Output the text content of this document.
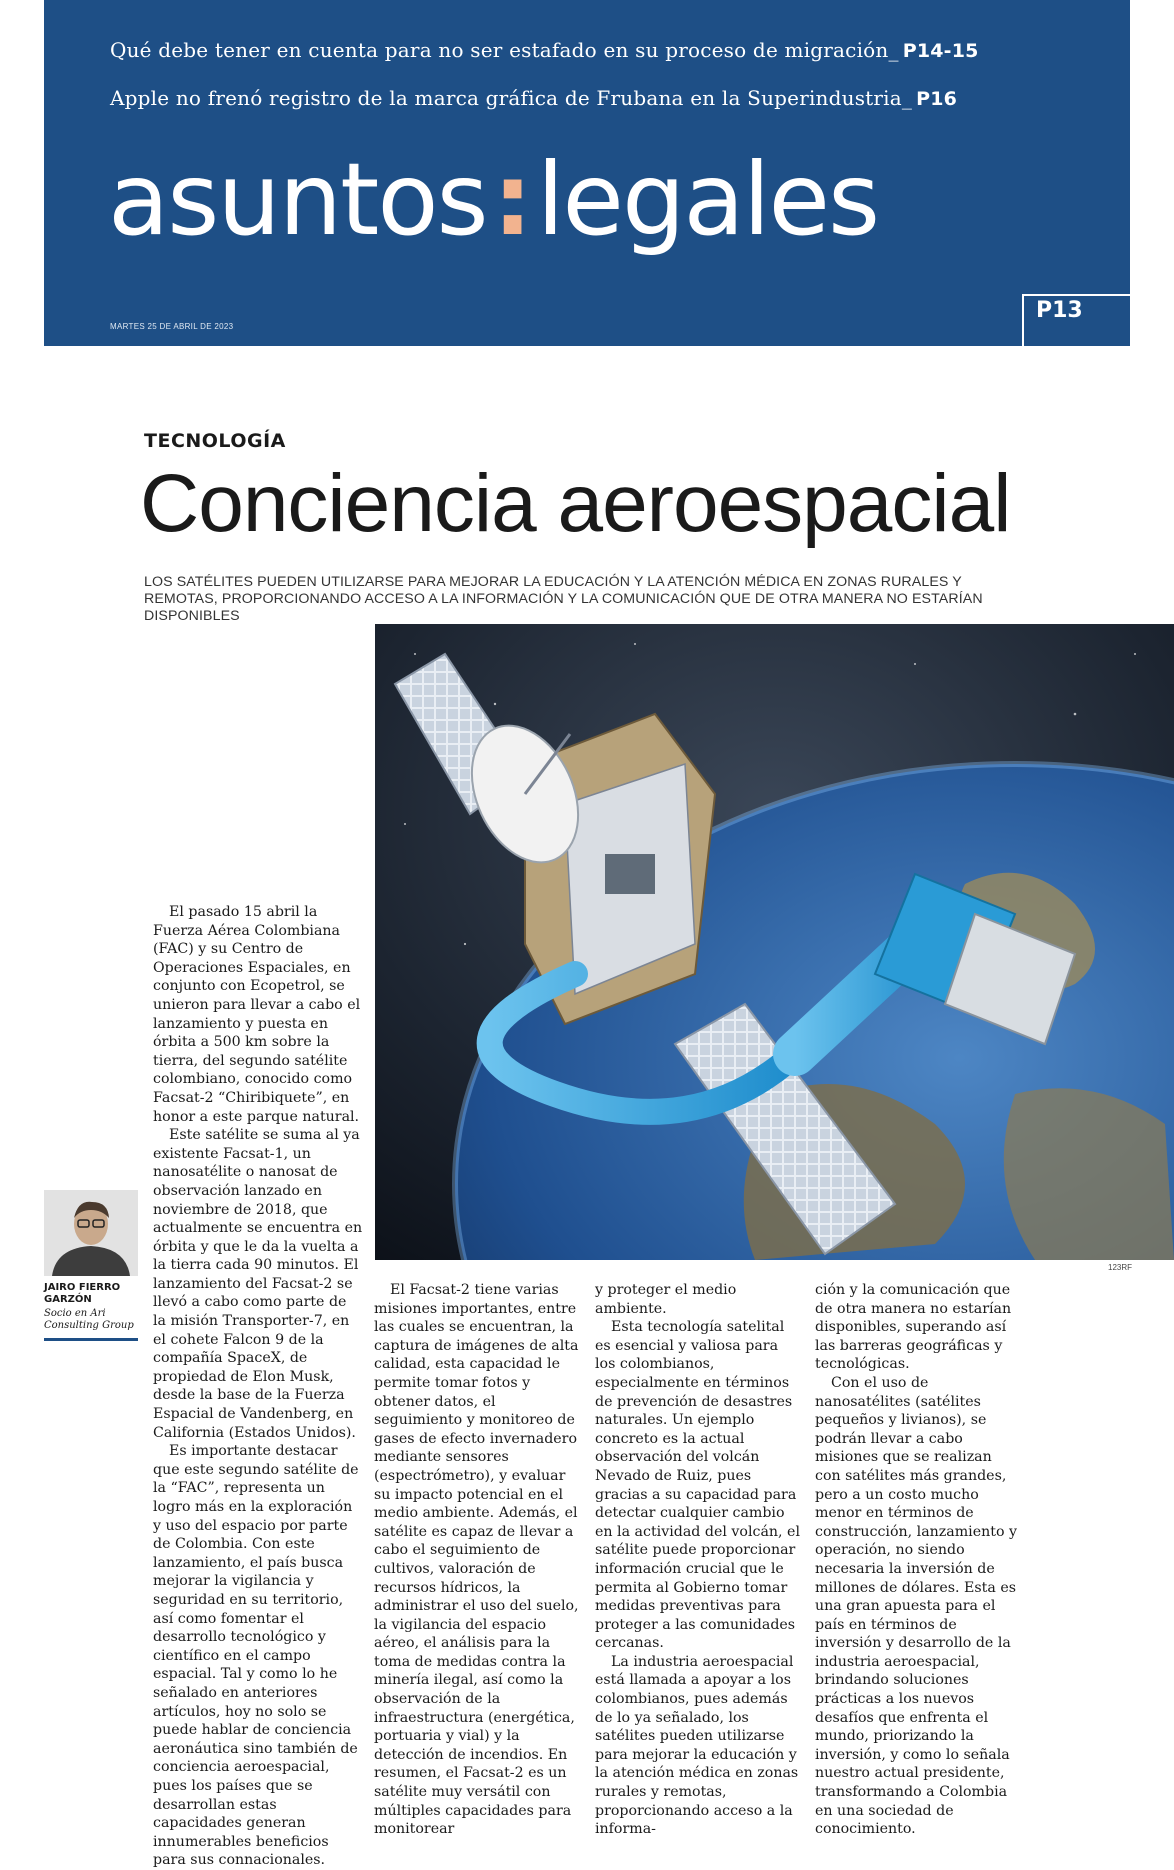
Qué debe tener en cuenta para no ser estafado en su proceso de migración_ P14-15
Apple no frenó registro de la marca gráfica de Frubana en la Superindustria_ P16
asuntos:legales
MARTES 25 DE ABRIL DE 2023
P13
TECNOLOGÍA
Conciencia aeroespacial
LOS SATÉLITES PUEDEN UTILIZARSE PARA MEJORAR LA EDUCACIÓN Y LA ATENCIÓN MÉDICA EN ZONAS RURALES Y REMOTAS, PROPORCIONANDO ACCESO A LA INFORMACIÓN Y LA COMUNICACIÓN QUE DE OTRA MANERA NO ESTARÍAN DISPONIBLES
123RF
JAIRO FIERRO GARZÓN
Socio en Ari Consulting Group

El pasado 15 abril la Fuerza Aérea Colombiana (FAC) y su Centro de Operaciones Espaciales, en conjunto con Ecopetrol, se unieron para llevar a cabo el lanzamiento y puesta en órbita a 500 km sobre la tierra, del segundo satélite colombiano, conocido como Facsat-2 “Chiribiquete”, en honor a este parque natural.

Este satélite se suma al ya existente Facsat-1, un nanosatélite o nanosat de observación lanzado en noviembre de 2018, que actualmente se encuentra en órbita y que le da la vuelta a la tierra cada 90 minutos. El lanzamiento del Facsat-2 se llevó a cabo como parte de la misión Transporter-7, en el cohete Falcon 9 de la compañía SpaceX, de propiedad de Elon Musk, desde la base de la Fuerza Espacial de Vandenberg, en California (Estados Unidos).

Es importante destacar que este segundo satélite de la “FAC”, representa un logro más en la exploración y uso del espacio por parte de Colombia. Con este lanzamiento, el país busca mejorar la vigilancia y seguridad en su territorio, así como fomentar el desarrollo tecnológico y científico en el campo espacial. Tal y como lo he señalado en anteriores artículos, hoy no solo se puede hablar de conciencia aeronáutica sino también de conciencia aeroespacial, pues los países que se desarrollan estas capacidades generan innumerables beneficios para sus connacionales.

El Facsat-2 tiene varias misiones importantes, entre las cuales se encuentran, la captura de imágenes de alta calidad, esta capacidad le permite tomar fotos y obtener datos, el seguimiento y monitoreo de gases de efecto invernadero mediante sensores (espectrómetro), y evaluar su impacto potencial en el medio ambiente. Además, el satélite es capaz de llevar a cabo el seguimiento de cultivos, valoración de recursos hídricos, la administrar el uso del suelo, la vigilancia del espacio aéreo, el análisis para la toma de medidas contra la minería ilegal, así como la observación de la infraestructura (energética, portuaria y vial) y la detección de incendios. En resumen, el Facsat-2 es un satélite muy versátil con múltiples capacidades para monitorear

y proteger el medio ambiente.

Esta tecnología satelital es esencial y valiosa para los colombianos, especialmente en términos de prevención de desastres naturales. Un ejemplo concreto es la actual observación del volcán Nevado de Ruiz, pues gracias a su capacidad para detectar cualquier cambio en la actividad del volcán, el satélite puede proporcionar información crucial que le permita al Gobierno tomar medidas preventivas para proteger a las comunidades cercanas.

La industria aeroespacial está llamada a apoyar a los colombianos, pues además de lo ya señalado, los satélites pueden utilizarse para mejorar la educación y la atención médica en zonas rurales y remotas, proporcionando acceso a la informa-

ción y la comunicación que de otra manera no estarían disponibles, superando así las barreras geográficas y tecnológicas.

Con el uso de nanosatélites (satélites pequeños y livianos), se podrán llevar a cabo misiones que se realizan con satélites más grandes, pero a un costo mucho menor en términos de construcción, lanzamiento y operación, no siendo necesaria la inversión de millones de dólares. Esta es una gran apuesta para el país en términos de inversión y desarrollo de la industria aeroespacial, brindando soluciones prácticas a los nuevos desafíos que enfrenta el mundo, priorizando la inversión, y como lo señala nuestro actual presidente, transformando a Colombia en una sociedad de conocimiento.
